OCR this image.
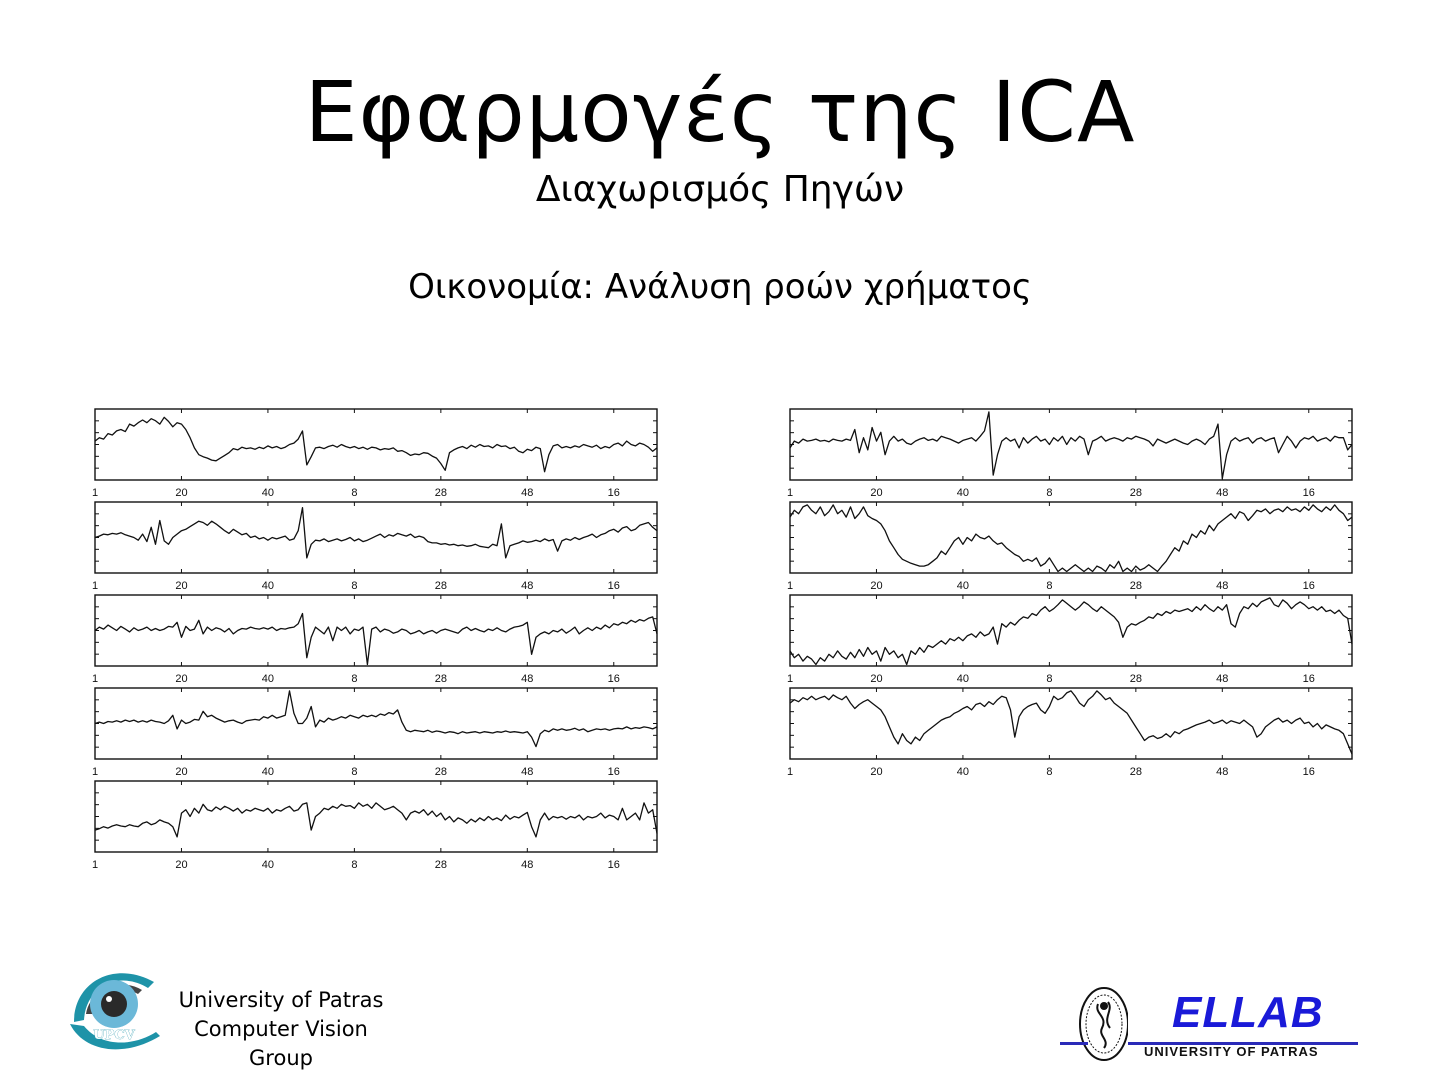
Εφαρμογές της ICA
Διαχωρισμός Πηγών
Οικονομία: Ανάλυση ροών χρήματος
1	20	40	8	28	48	16
1	20	40	8	28	48	16
1	20	40	8	28	48	16
1	20	40	8	28	48	16
1	20	40	8	28	48	16
1	20	40	8	28	48	16
1	20	40	8	28	48	16
1	20	40	8	28	48	16
1	20	40	8	28	48	16
UPCV
University of Patras
Computer Vision
Group
ELLAB
UNIVERSITY OF PATRAS
